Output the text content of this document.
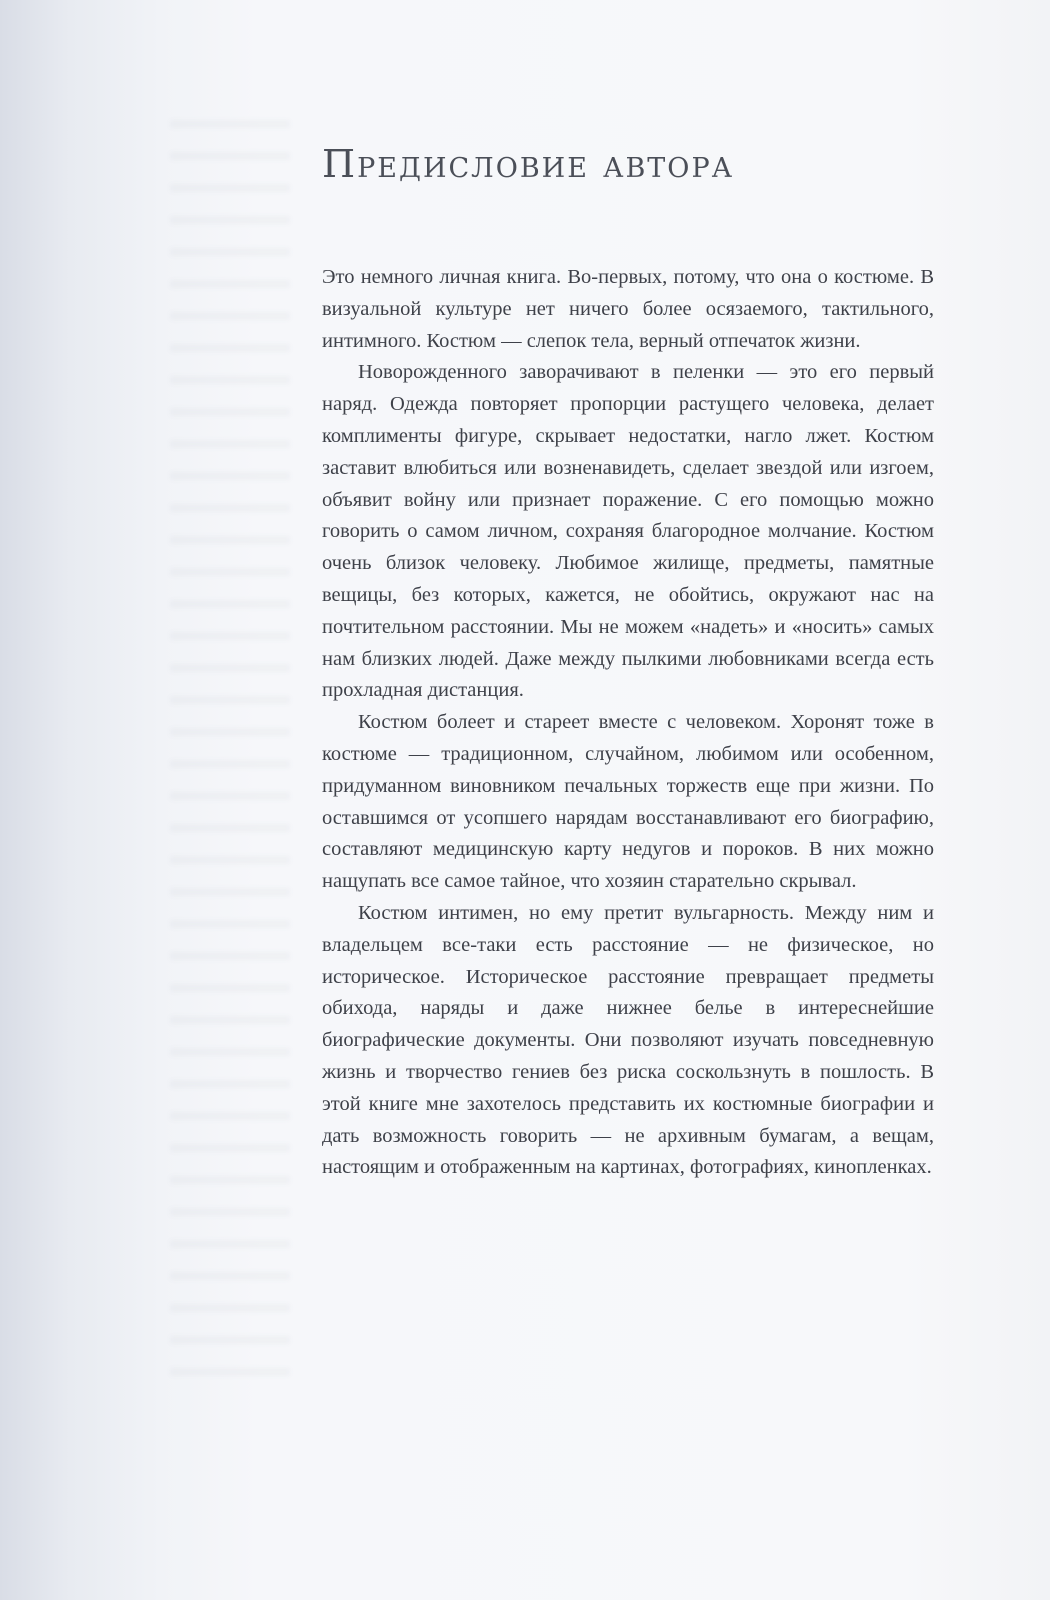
Предисловие автора

Это немного личная книга. Во-первых, потому, что она о костюме. В визуальной культуре нет ничего более осязаемого, тактильного, интимного. Костюм — слепок тела, верный отпечаток жизни.

Новорожденного заворачивают в пеленки — это его первый наряд. Одежда повторяет пропорции растущего человека, делает комплименты фигуре, скрывает недостатки, нагло лжет. Костюм заставит влюбиться или возненавидеть, сделает звездой или изгоем, объявит войну или признает поражение. С его помощью можно говорить о самом личном, сохраняя благородное молчание. Костюм очень близок человеку. Любимое жилище, предметы, памятные вещицы, без которых, кажется, не обойтись, окружают нас на почтительном расстоянии. Мы не можем «надеть» и «носить» самых нам близких людей. Даже между пылкими любовниками всегда есть прохладная дистанция.

Костюм болеет и стареет вместе с человеком. Хоронят тоже в костюме — традиционном, случайном, любимом или особенном, придуманном виновником печальных торжеств еще при жизни. По оставшимся от усопшего нарядам восстанавливают его биографию, составляют медицинскую карту недугов и пороков. В них можно нащупать все самое тайное, что хозяин старательно скрывал.

Костюм интимен, но ему претит вульгарность. Между ним и владельцем все-таки есть расстояние — не физическое, но историческое. Историческое расстояние превращает предметы обихода, наряды и даже нижнее белье в интереснейшие биографические документы. Они позволяют изучать повседневную жизнь и творчество гениев без риска соскользнуть в пошлость. В этой книге мне захотелось представить их костюмные биографии и дать возможность говорить — не архивным бумагам, а вещам, настоящим и отображенным на картинах, фотографиях, кинопленках.
